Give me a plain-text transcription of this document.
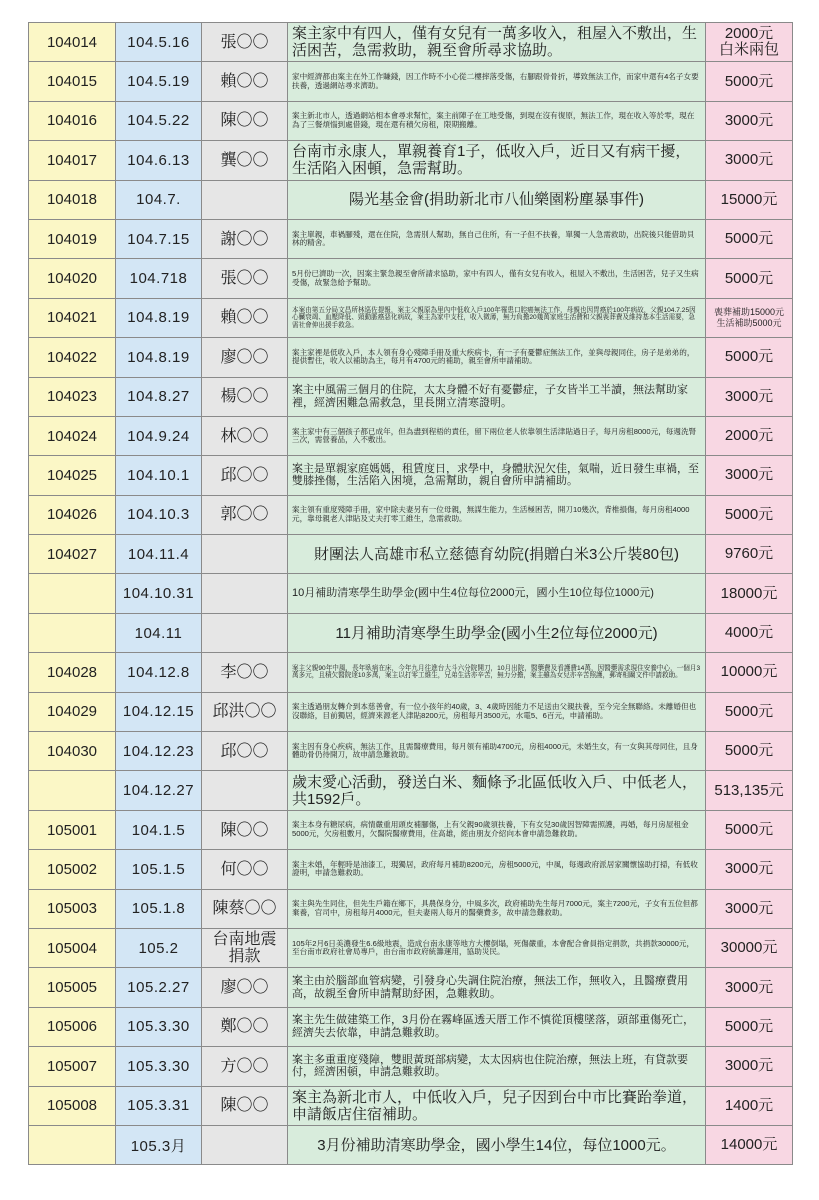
104014	104.5.16	張〇〇	案主家中有四人，僅有女兒有一萬多收入，租屋入不敷出，生活困苦，急需救助，親至會所尋求協助。	2000元
白米兩包
104015	104.5.19	賴〇〇	家中經濟都由案主在外工作賺錢，因工作時不小心從二樓摔落受傷，右腳跟骨骨折，導致無法工作，而家中還有4名子女要扶養，透過網站尋求濟助。	5000元
104016	104.5.22	陳〇〇	案主新北市人，透過網站相本會尋求幫忙，案主前陣子在工地受傷，到現在沒有復原，無法工作，現在收入等於零，現在為了三餐煩惱到處借錢，現在還有積欠房租，限期搬離。	3000元
104017	104.6.13	龔〇〇	台南市永康人，單親養育1子，低收入戶，近日又有病干擾，生活陷入困頓，急需幫助。	3000元
104018	104.7.		陽光基金會(捐助新北市八仙樂園粉塵暴事件)	15000元
104019	104.7.15	謝〇〇	案主單親，車禍腳殘，還在住院，急需別人幫助，無自己住所，有一子但不扶養，單獨一人急需救助，出院後只能借助貝林的精舍。	5000元
104020	104.718	張〇〇	5月份已濟助一次，因案主緊急親至會所請求協助，家中有四人，僅有女兒有收入，租屋入不敷出，生活困苦，兒子又生病受傷，故緊急給予幫助。	5000元
104021	104.8.19	賴〇〇	本案由第五分局文昌所林巡佐提報，案主父親原為里內中低收入戶100年罹患口腔癌無法工作，母親也因胃癌於100年病故，父親104.7.25因心臟衰竭、血壓降低、頸動脈癌惡化病故，案主為家中支柱，收入微薄，無力負擔20幾萬家庭生活費和父親喪葬費及維持基本生活需要，急需社會伸出援手救急。	喪葬補助15000元
生活補助5000元
104022	104.8.19	廖〇〇	案主家裡是低收入戶，本人領有身心殘障手冊及重大疾病卡，有一子有憂鬱症無法工作，並與母親同住，房子是弟弟的，提供暫住，收入以補助為主，每月有4700元的補助，親至會所申請補助。	5000元
104023	104.8.27	楊〇〇	案主中風需三個月的住院，太太身體不好有憂鬱症，子女皆半工半讀，無法幫助家裡，經濟困難急需救急，里長開立清寒證明。	3000元
104024	104.9.24	林〇〇	案主家中有三個孩子都已成年，但為盡到程梧的責任，留下兩位老人依靠領生活津貼過日子，每月房租8000元，每週洗腎三次，需營養品，入不敷出。	2000元
104025	104.10.1	邱〇〇	案主是單親家庭媽媽，租賃度日，求學中，身體狀況欠佳，氣喘，近日發生車禍，至雙膝挫傷，生活陷入困境，急需幫助，親自會所申請補助。	3000元
104026	104.10.3	郭〇〇	案主領有重度殘障手冊，家中除夫妻另有一位母親，無謀生能力，生活極困苦，開刀10幾次，背椎損傷，每月房租4000元，靠母親老人津貼及丈夫打零工維生，急需救助。	5000元
104027	104.11.4		財團法人高雄市私立慈德育幼院(捐贈白米3公斤裝80包)	9760元
	104.10.31		10月補助清寒學生助學金(國中生4位每位2000元，國小生10位每位1000元)	18000元
	104.11		11月補助清寒學生助學金(國小生2位每位2000元)	4000元
104028	104.12.8	李〇〇	案主父親90年中風，長年臥病在床，今年九月往進台大斗六分院開刀，10月出院，醫藥費及看護費14萬，因醫藥需求現住安養中心，一個月3萬多元，且積欠醫院達10多萬，案主以打零工維生，兄弟生活亦辛苦，無力分擔，案主雖為女兒亦辛苦照護，郵寄相關文件申請救助。	10000元
104029	104.12.15	邱洪〇〇	案主透過朋友轉介到本慈善會，有一位小孩年約40歲，3、4歲時因能力不足送由父親扶養，至今完全無聯絡。未離婚但也沒聯絡，目前獨居，經濟來源老人津貼8200元，房租每月3500元，水電5、6百元，申請補助。	5000元
104030	104.12.23	邱〇〇	案主因有身心疾病，無法工作，且需醫療費用，每月領有補助4700元，房租4000元，未婚生女，有一女與其母同住，且身體助骨仍待開刀，故申請急難救助。	5000元
	104.12.27		歲末愛心活動，發送白米、麵條予北區低收入戶、中低老人，共1592戶。	513,135元
105001	104.1.5	陳〇〇	案主本身有糖尿病，病情嚴重用頭皮補腳傷，上有父親90歲須扶養，下有女兒30歲因智障需照護，再婚，每月房屋租金5000元，欠房租數月，欠醫院醫療費用，住高雄，經由朋友介紹向本會申請急難救助。	5000元
105002	105.1.5	何〇〇	案主未婚，年輕時是油漆工，現獨居，政府每月補助8200元，房租5000元，中風，每週政府派居家關懷協助打掃，有低收證明，申請急難救助。	3000元
105003	105.1.8	陳蔡〇〇	案主與先生同住，但先生戶籍在鄉下，具農保身分，中風多次，政府補助先生每月7000元，案主7200元，子女有五位但都棄養，官司中，房租每月4000元，但夫妻兩人每月的醫藥費多，故申請急難救助。	3000元
105004	105.2	台南地震
捐款	105年2月6日美濃發生6.6級地震，造成台南永康等地方大樓倒塌，死傷嚴重，本會配合會員指定捐款，共捐款30000元，至台南市政府社會局專戶，由台南市政府統籌運用，協助災民。	30000元
105005	105.2.27	廖〇〇	案主由於腦部血管病變，引發身心失調住院治療，無法工作，無收入，且醫療費用高，故親至會所申請幫助紓困，急難救助。	3000元
105006	105.3.30	鄭〇〇	案主先生做建築工作，3月份在霧峰區透天厝工作不慎從頂樓墜落，頭部重傷死亡，經濟失去依靠，申請急難救助。	5000元
105007	105.3.30	方〇〇	案主多重重度殘障，雙眼黃斑部病變，太太因病也住院治療，無法上班，有貸款要付，經濟困頓，申請急難救助。	3000元
105008	105.3.31	陳〇〇	案主為新北市人，中低收入戶，兒子因到台中市比賽跆拳道，申請飯店住宿補助。	1400元
	105.3月		3月份補助清寒助學金，國小學生14位，每位1000元。	14000元
